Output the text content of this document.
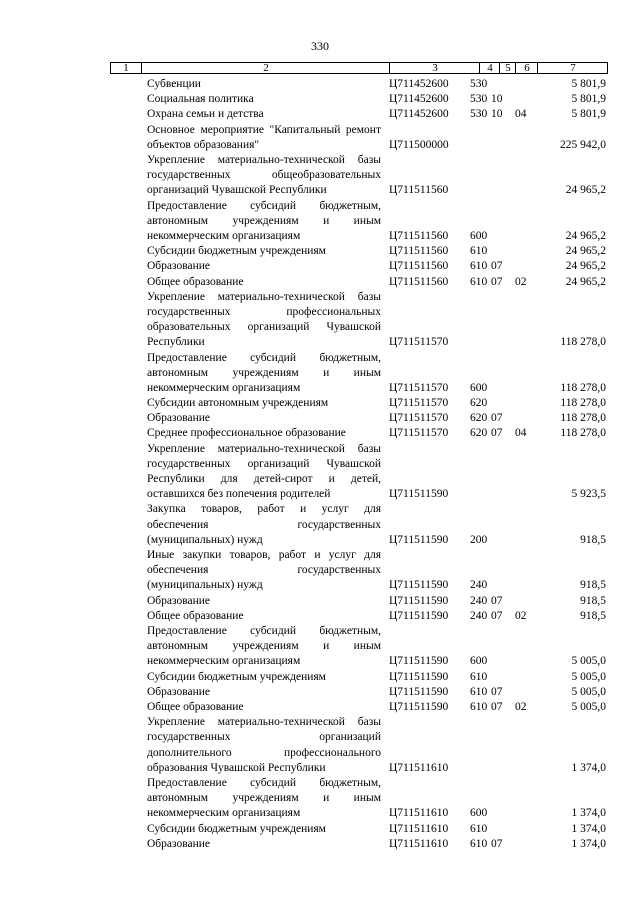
330
1	2	3	4	5	6	7
Субвенции	Ц711452600	530	5 801,9
Социальная политика	Ц711452600	530 10	5 801,9
Охрана семьи и детства	Ц711452600	530 10 04	5 801,9
Основное мероприятие "Капитальный ремонт объектов образования"	Ц711500000	225 942,0
Укрепление материально-технической базы государственных общеобразовательных организаций Чувашской Республики	Ц711511560	24 965,2
Предоставление субсидий бюджетным, автономным учреждениям и иным некоммерческим организациям	Ц711511560	600	24 965,2
Субсидии бюджетным учреждениям	Ц711511560	610	24 965,2
Образование	Ц711511560	610 07	24 965,2
Общее образование	Ц711511560	610 07 02	24 965,2
Укрепление материально-технической базы государственных профессиональных образовательных организаций Чувашской Республики	Ц711511570	118 278,0
Предоставление субсидий бюджетным, автономным учреждениям и иным некоммерческим организациям	Ц711511570	600	118 278,0
Субсидии автономным учреждениям	Ц711511570	620	118 278,0
Образование	Ц711511570	620 07	118 278,0
Среднее профессиональное образование	Ц711511570	620 07 04	118 278,0
Укрепление материально-технической базы государственных организаций Чувашской Республики для детей-сирот и детей, оставшихся без попечения родителей	Ц711511590	5 923,5
Закупка товаров, работ и услуг для обеспечения государственных (муниципальных) нужд	Ц711511590	200	918,5
Иные закупки товаров, работ и услуг для обеспечения государственных (муниципальных) нужд	Ц711511590	240	918,5
Образование	Ц711511590	240 07	918,5
Общее образование	Ц711511590	240 07 02	918,5
Предоставление субсидий бюджетным, автономным учреждениям и иным некоммерческим организациям	Ц711511590	600	5 005,0
Субсидии бюджетным учреждениям	Ц711511590	610	5 005,0
Образование	Ц711511590	610 07	5 005,0
Общее образование	Ц711511590	610 07 02	5 005,0
Укрепление материально-технической базы государственных организаций дополнительного профессионального образования Чувашской Республики	Ц711511610	1 374,0
Предоставление субсидий бюджетным, автономным учреждениям и иным некоммерческим организациям	Ц711511610	600	1 374,0
Субсидии бюджетным учреждениям	Ц711511610	610	1 374,0
Образование	Ц711511610	610 07	1 374,0
